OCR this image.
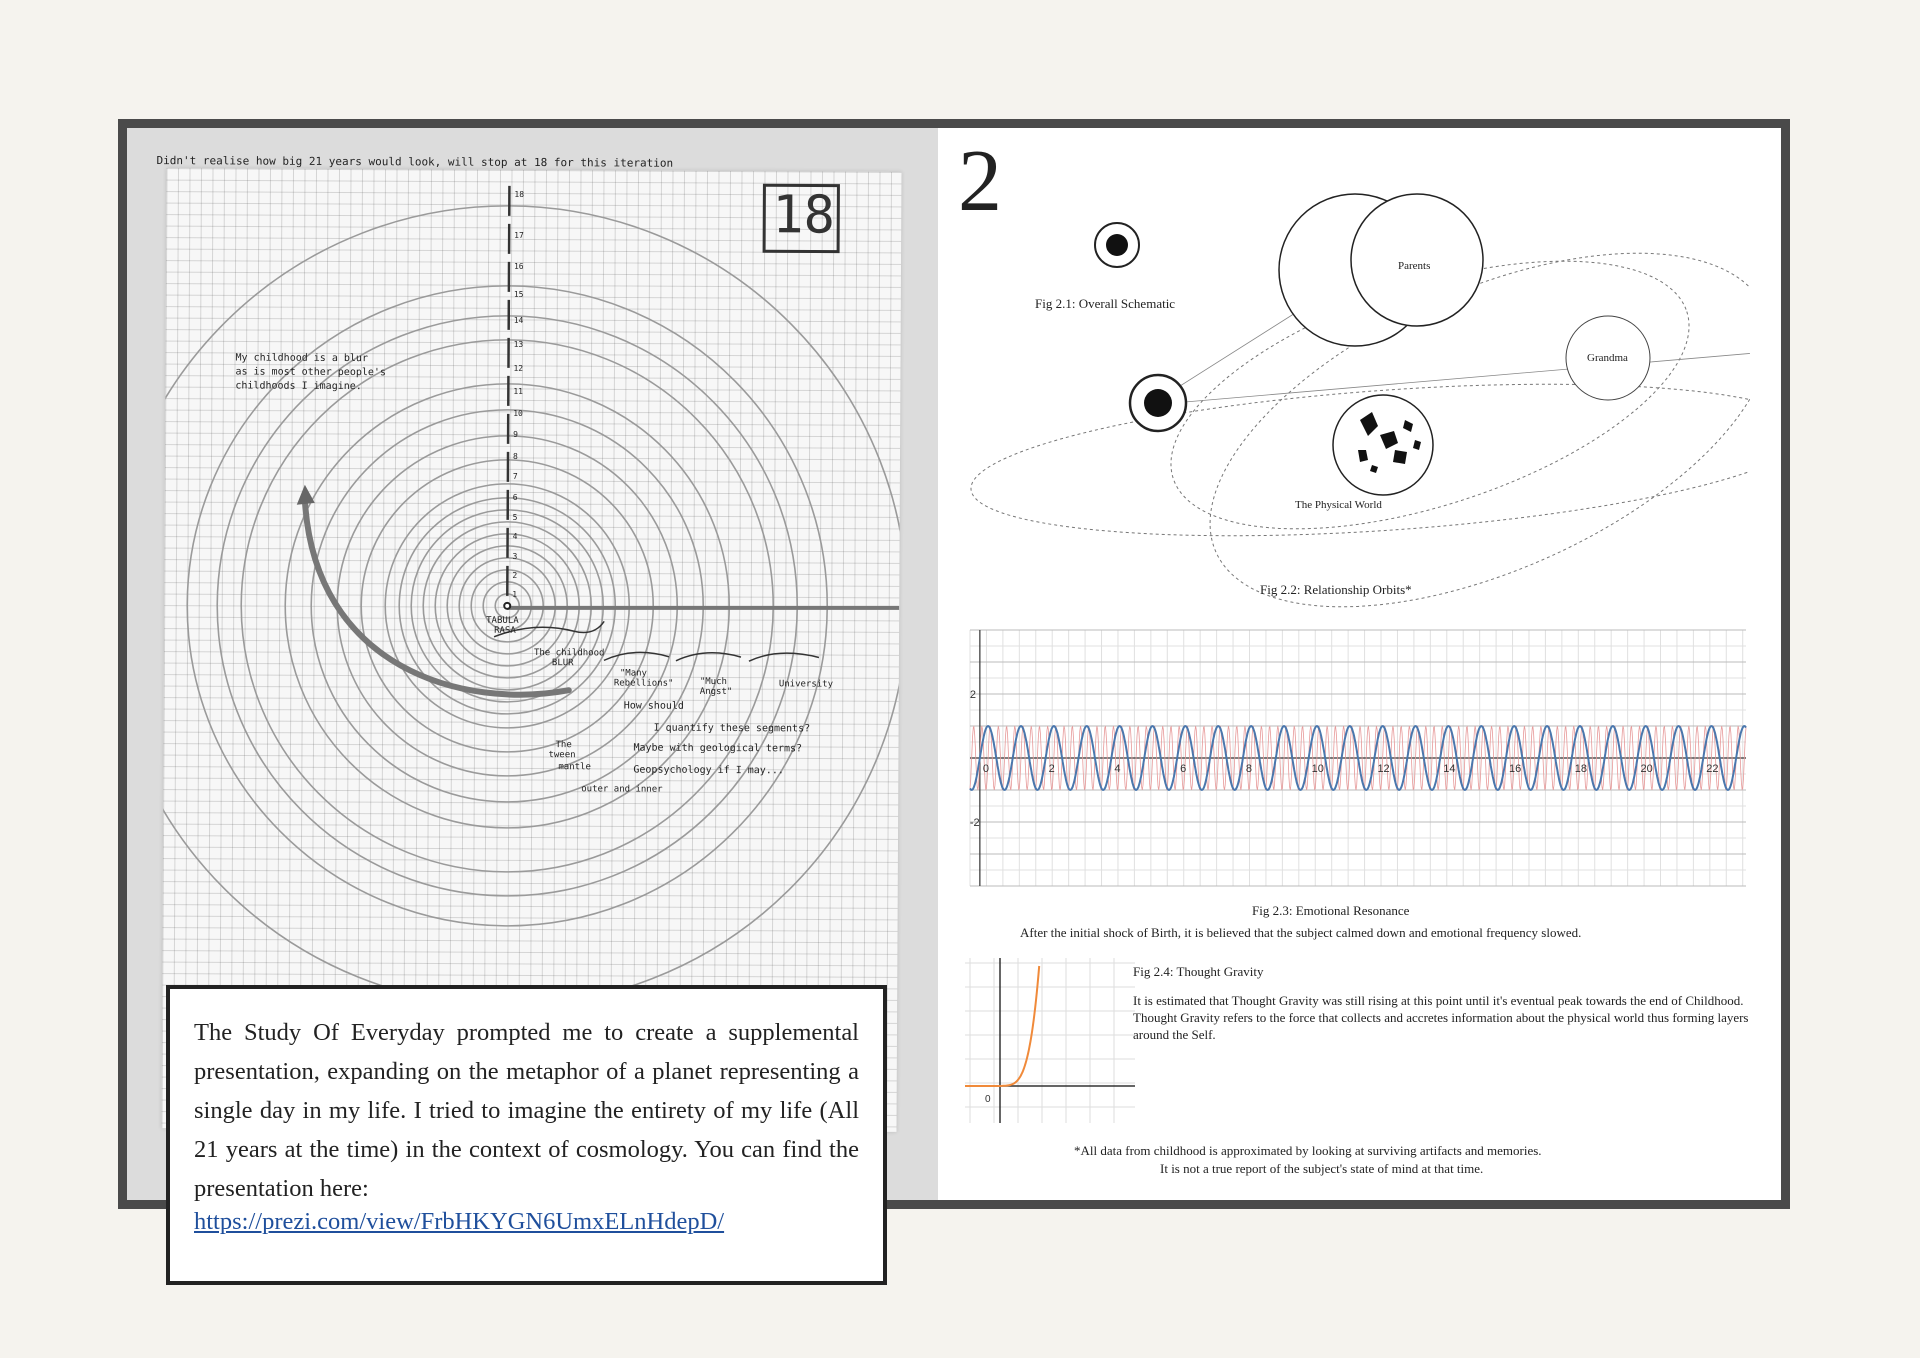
Didn't realise how big 21 years would look, will stop at 18 for this iteration
18
18
17
16
15
14
13
12
11
10
9
8
7
6
5
4
3
2
1
My childhood is a blur
as is most other people's
childhoods I imagine.
TABULA
RASA
The childhood
BLUR
"Many
Rebellions"	"Much
Angst"
University
How should
I quantify these segments?
Maybe with geological terms?
Geopsychology if I may...
The
tween
mantle
outer and inner

The Study Of Everyday prompted me to create a supplemental presentation, expanding on the metaphor of a planet representing a single day in my life. I tried to imagine the entirety of my life (All 21 years at the time) in the context of cosmology. You can find the presentation here:

https://prezi.com/view/FrbHKYGN6UmxELnHdepD/
2
Fig 2.1: Overall Schematic
Parents
Grandma
The Physical World
Fig 2.2: Relationship Orbits*
0	2	4	6	8	10	12	14	16	18	20	22
2
-2
Fig 2.3: Emotional Resonance
After the initial shock of Birth, it is believed that the subject calmed down and emotional frequency slowed.
0
Fig 2.4: Thought Gravity
It is estimated that Thought Gravity was still rising at this point until it's eventual peak towards the end of Childhood. Thought Gravity refers to the force that collects and accretes information about the physical world thus forming layers around the Self.
*All data from childhood is approximated by looking at surviving artifacts and memories.
It is not a true report of the subject's state of mind at that time.
